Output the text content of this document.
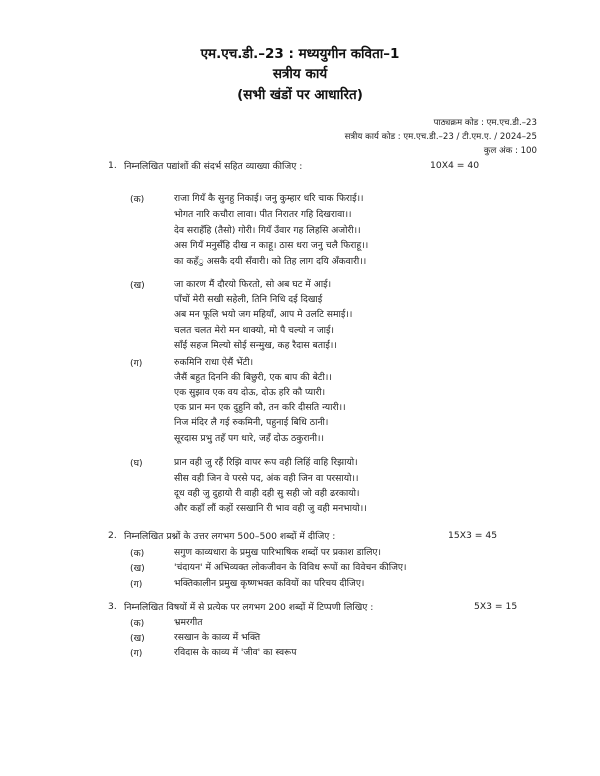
एम.एच.डी.–23 : मध्ययुगीन कविता–1
सत्रीय कार्य
(सभी खंडों पर आधारित)
पाठ्यक्रम कोड : एम.एच.डी.–23
सत्रीय कार्य कोड : एम.एच.डी.–23 / टी.एम.ए. / 2024–25
कुल अंक : 100
1. निम्नलिखित पद्यांशों की संदर्भ सहित व्याख्या कीजिए :	10X4 = 40
(क)	राजा गियँ कै सुनहु निकाई। जनु कुम्हार धरि चाक फिराई।।
भोगत नारि कचौरा लावा। पीत निरातर गहि दिखरावा।।
देव सराहँहि (तैसो) गोरी। गियँ उँवार गह लिहसि अजोरी।।
अस गियँ मनुसँहि दीख न काहू। ठास धरा जनु चलै फिराहू।।
का कहँु असकै दयी सँवारी। को तिह लाग दयि अँकवारी।।
(ख)	जा कारण मैं दौरयो फिरतो, सो अब घट में आई।
पाँचों मेरी सखी सहेली, तिनि निधि दई दिखाई
अब मन फूलि भयो जग महियाँ, आप मे उलटि समाई।।
चलत चलत मेरो मन थाक्यो, मो पै चल्यो न जाई।
साँई सहज मिल्यो सोई सन्मुख, कह रैदास बताई।।
(ग)	रुकमिनि राधा ऐसैं भेंटी।
जैसैं बहुत दिननि की बिछुरी, एक बाप की बेटी।।
एक सुझाव एक वय दोऊ, दोऊ हरि कौ प्यारी।
एक प्रान मन एक दुहुनि कौ, तन करि दीसति न्यारी।।
निज मंदिर लै गई रुकमिनी, पहुनाई बिधि ठानी।
सूरदास प्रभु तहँ पग धारे, जहँ दोऊ ठकुरानी।।
(घ)	प्रान वही जु रहैं रिझि वापर रूप वही लिहिं वाहि रिझायो।
सीस वही जिन वे परसे पद, अंक वही जिन वा परसायो।।
दूध वही जु दुहायो री वाही दही सु सही जो वही ढरकायो।
और कहाँ लौं कहों रसखानि री भाव वही जु वही मनभायो।।
2. निम्नलिखित प्रश्नों के उत्तर लगभग 500–500 शब्दों में दीजिए :	15X3 = 45
(क)	सगुण काव्यधारा के प्रमुख पारिभाषिक शब्दों पर प्रकाश डालिए।
(ख)	'चंदायन' में अभिव्यक्त लोकजीवन के विविध रूपों का विवेचन कीजिए।
(ग)	भक्तिकालीन प्रमुख कृष्णभक्त कवियों का परिचय दीजिए।
3. निम्नलिखित विषयों में से प्रत्येक पर लगभग 200 शब्दों में टिप्पणी लिखिए :	5X3 = 15
(क)	भ्रमरगीत
(ख)	रसखान के काव्य में भक्ति
(ग)	रविदास के काव्य में 'जीव' का स्वरूप
